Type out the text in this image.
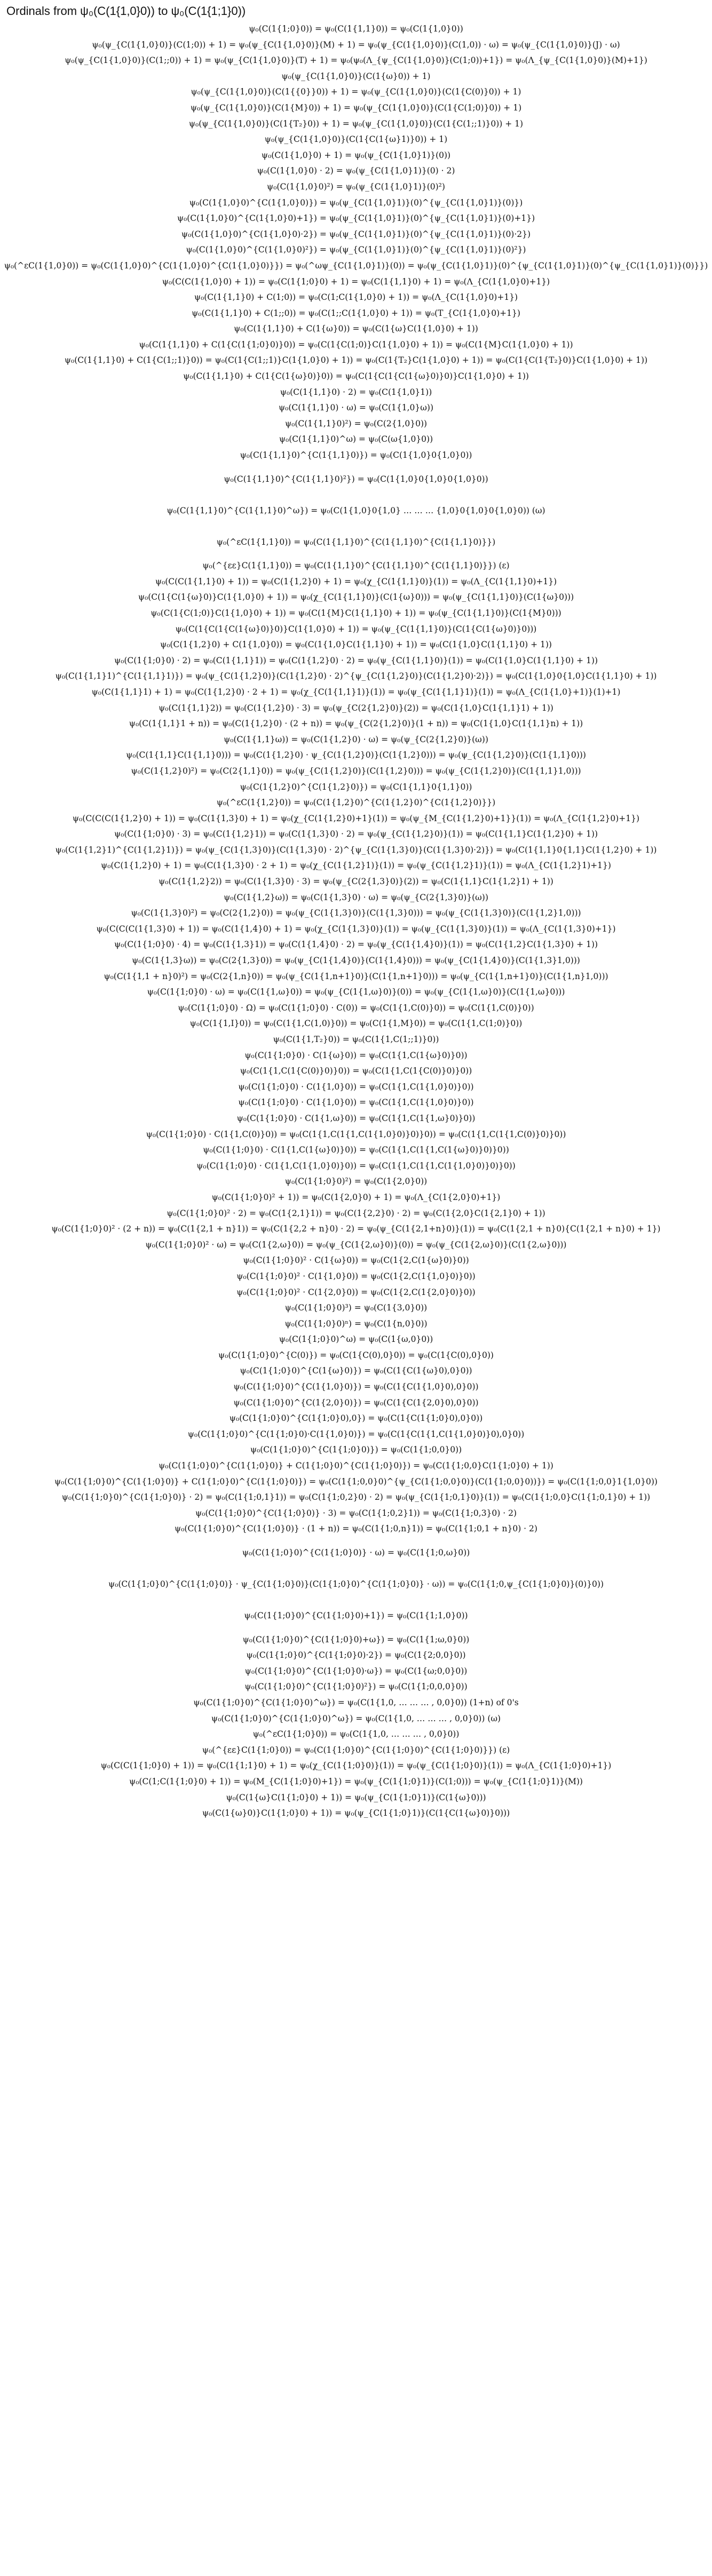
Ordinals from ψ₀(C(1{1,0}0)) to ψ₀(C(1{1;1}0))
ψ₀(C(1{1;0}0)) = ψ₀(C(1{1,1}0)) = ψ₀(C(1{1,0}0))
ψ₀(ψ_{C(1{1,0}0)}(C(1;0)) + 1) = ψ₀(ψ_{C(1{1,0}0)}(M) + 1) = ψ₀(ψ_{C(1{1,0}0)}(C(1,0)) · ω) = ψ₀(ψ_{C(1{1,0}0)}(J) · ω)
ψ₀(ψ_{C(1{1,0}0)}(C(1;;0)) + 1) = ψ₀(ψ_{C(1{1,0}0)}(T) + 1) = ψ₀(ψ₀(Λ_{ψ_{C(1{1,0}0)}(C(1;0))+1}) = ψ₀(Λ_{ψ_{C(1{1,0}0)}(M)+1})
ψ₀(ψ_{C(1{1,0}0)}(C(1{ω}0)) + 1)
ψ₀(ψ_{C(1{1,0}0)}(C(1{{0}}0)) + 1) = ψ₀(ψ_{C(1{1,0}0)}(C(1{C(0)}0)) + 1)
ψ₀(ψ_{C(1{1,0}0)}(C(1{M}0)) + 1) = ψ₀(ψ_{C(1{1,0}0)}(C(1{C(1;0)}0)) + 1)
ψ₀(ψ_{C(1{1,0}0)}(C(1{T₂}0)) + 1) = ψ₀(ψ_{C(1{1,0}0)}(C(1{C(1;;1)}0)) + 1)
ψ₀(ψ_{C(1{1,0}0)}(C(1{C(1{ω}1)}0)) + 1)
ψ₀(C(1{1,0}0) + 1) = ψ₀(ψ_{C(1{1,0}1)}(0))
ψ₀(C(1{1,0}0) · 2) = ψ₀(ψ_{C(1{1,0}1)}(0) · 2)
ψ₀(C(1{1,0}0)²) = ψ₀(ψ_{C(1{1,0}1)}(0)²)
ψ₀(C(1{1,0}0)^{C(1{1,0}0)}) = ψ₀(ψ_{C(1{1,0}1)}(0)^{ψ_{C(1{1,0}1)}(0)})
ψ₀(C(1{1,0}0)^{C(1{1,0}0)+1}) = ψ₀(ψ_{C(1{1,0}1)}(0)^{ψ_{C(1{1,0}1)}(0)+1})
ψ₀(C(1{1,0}0)^{C(1{1,0}0)·2}) = ψ₀(ψ_{C(1{1,0}1)}(0)^{ψ_{C(1{1,0}1)}(0)·2})
ψ₀(C(1{1,0}0)^{C(1{1,0}0)²}) = ψ₀(ψ_{C(1{1,0}1)}(0)^{ψ_{C(1{1,0}1)}(0)²})
ψ₀(^εC(1{1,0}0)) = ψ₀(C(1{1,0}0)^{C(1{1,0}0)^{C(1{1,0}0)}}) = ψ₀(^ωψ_{C(1{1,0}1)}(0)) = ψ₀(ψ_{C(1{1,0}1)}(0)^{ψ_{C(1{1,0}1)}(0)^{ψ_{C(1{1,0}1)}(0)}})
ψ₀(C(C(1{1,0}0) + 1)) = ψ₀(C(1{1;0}0) + 1) = ψ₀(C(1{1,1}0) + 1) = ψ₀(Λ_{C(1{1,0}0)+1})
ψ₀(C(1{1,1}0) + C(1;0)) = ψ₀(C(1;C(1{1,0}0) + 1)) = ψ₀(Λ_{C(1{1,0}0)+1})
ψ₀(C(1{1,1}0) + C(1;;0)) = ψ₀(C(1;;C(1{1,0}0) + 1)) = ψ₀(T_{C(1{1,0}0)+1})
ψ₀(C(1{1,1}0) + C(1{ω}0)) = ψ₀(C(1{ω}C(1{1,0}0) + 1))
ψ₀(C(1{1,1}0) + C(1{C(1{1;0}0)}0)) = ψ₀(C(1{C(1;0)}C(1{1,0}0) + 1)) = ψ₀(C(1{M}C(1{1,0}0) + 1))
ψ₀(C(1{1,1}0) + C(1{C(1;;1)}0)) = ψ₀(C(1{C(1;;1)}C(1{1,0}0) + 1)) = ψ₀(C(1{T₂}C(1{1,0}0) + 1)) = ψ₀(C(1{C(1{T₂}0)}C(1{1,0}0) + 1))
ψ₀(C(1{1,1}0) + C(1{C(1{ω}0)}0)) = ψ₀(C(1{C(1{C(1{ω}0)}0)}C(1{1,0}0) + 1))
ψ₀(C(1{1,1}0) · 2) = ψ₀(C(1{1,0}1))
ψ₀(C(1{1,1}0) · ω) = ψ₀(C(1{1,0}ω))
ψ₀(C(1{1,1}0)²) = ψ₀(C(2{1,0}0))
ψ₀(C(1{1,1}0)^ω) = ψ₀(C(ω{1,0}0))
ψ₀(C(1{1,1}0)^{C(1{1,1}0)}) = ψ₀(C(1{1,0}0{1,0}0))
ψ₀(C(1{1,1}0)^{C(1{1,1}0)²}) = ψ₀(C(1{1,0}0{1,0}0{1,0}0))
ψ₀(C(1{1,1}0)^{C(1{1,1}0)^ω}) = ψ₀(C(1{1,0}0{1,0} … … … {1,0}0{1,0}0{1,0}0)) (ω)
ψ₀(^εC(1{1,1}0)) = ψ₀(C(1{1,1}0)^{C(1{1,1}0)^{C(1{1,1}0)}})
ψ₀(^{εε}C(1{1,1}0)) = ψ₀(C(1{1,1}0)^{C(1{1,1}0)^{C(1{1,1}0)}}) (ε)
ψ₀(C(C(1{1,1}0) + 1)) = ψ₀(C(1{1,2}0) + 1) = ψ₀(χ_{C(1{1,1}0)}(1)) = ψ₀(Λ_{C(1{1,1}0)+1})
ψ₀(C(1{C(1{ω}0)}C(1{1,0}0) + 1)) = ψ₀(χ_{C(1{1,1}0)}(C(1{ω}0))) = ψ₀(ψ_{C(1{1,1}0)}(C(1{ω}0)))
ψ₀(C(1{C(1;0)}C(1{1,0}0) + 1)) = ψ₀(C(1{M}C(1{1,1}0) + 1)) = ψ₀(ψ_{C(1{1,1}0)}(C(1{M}0)))
ψ₀(C(1{C(1{C(1{ω}0)}0)}C(1{1,0}0) + 1)) = ψ₀(ψ_{C(1{1,1}0)}(C(1{C(1{ω}0)}0)))
ψ₀(C(1{1,2}0) + C(1{1,0}0)) = ψ₀(C(1{1,0}C(1{1,1}0) + 1)) = ψ₀(C(1{1,0}C(1{1,1}0) + 1))
ψ₀(C(1{1;0}0) · 2) = ψ₀(C(1{1,1}1)) = ψ₀(C(1{1,2}0) · 2) = ψ₀(ψ_{C(1{1,1}0)}(1)) = ψ₀(C(1{1,0}C(1{1,1}0) + 1))
ψ₀(C(1{1,1}1)^{C(1{1,1}1)}) = ψ₀(ψ_{C(1{1,2}0)}(C(1{1,2}0) · 2)^{ψ_{C(1{1,2}0)}(C(1{1,2}0)·2)}) = ψ₀(C(1{1,0}0{1,0}C(1{1,1}0) + 1))
ψ₀(C(1{1,1}1) + 1) = ψ₀(C(1{1,2}0) · 2 + 1) = ψ₀(χ_{C(1{1,1}1)}(1)) = ψ₀(ψ_{C(1{1,1}1)}(1)) = ψ₀(Λ_{C(1{1,0}+1)}(1)+1)
ψ₀(C(1{1,1}2)) = ψ₀(C(1{1,2}0) · 3) = ψ₀(ψ_{C(2{1,2}0)}(2)) = ψ₀(C(1{1,0}C(1{1,1}1) + 1))
ψ₀(C(1{1,1}1 + n)) = ψ₀(C(1{1,2}0) · (2 + n)) = ψ₀(ψ_{C(2{1,2}0)}(1 + n)) = ψ₀(C(1{1,0}C(1{1,1}n) + 1))
ψ₀(C(1{1,1}ω)) = ψ₀(C(1{1,2}0) · ω) = ψ₀(ψ_{C(2{1,2}0)}(ω))
ψ₀(C(1{1,1}C(1{1,1}0))) = ψ₀(C(1{1,2}0) · ψ_{C(1{1,2}0)}(C(1{1,2}0))) = ψ₀(ψ_{C(1{1,2}0)}(C(1{1,1}0)))
ψ₀(C(1{1,2}0)²) = ψ₀(C(2{1,1}0)) = ψ₀(ψ_{C(1{1,2}0)}(C(1{1,2}0))) = ψ₀(ψ_{C(1{1,2}0)}(C(1{1,1}1,0)))
ψ₀(C(1{1,2}0)^{C(1{1,2}0)}) = ψ₀(C(1{1,1}0{1,1}0))
ψ₀(^εC(1{1,2}0)) = ψ₀(C(1{1,2}0)^{C(1{1,2}0)^{C(1{1,2}0)}})
ψ₀(C(C(C(1{1,2}0) + 1)) = ψ₀(C(1{1,3}0) + 1) = ψ₀(χ_{C(1{1,2}0)+1}(1)) = ψ₀(ψ_{M_{C(1{1,2}0)+1}}(1)) = ψ₀(Λ_{C(1{1,2}0)+1})
ψ₀(C(1{1;0}0) · 3) = ψ₀(C(1{1,2}1)) = ψ₀(C(1{1,3}0) · 2) = ψ₀(ψ_{C(1{1,2}0)}(1)) = ψ₀(C(1{1,1}C(1{1,2}0) + 1))
ψ₀(C(1{1,2}1)^{C(1{1,2}1)}) = ψ₀(ψ_{C(1{1,3}0)}(C(1{1,3}0) · 2)^{ψ_{C(1{1,3}0)}(C(1{1,3}0)·2)}) = ψ₀(C(1{1,1}0{1,1}C(1{1,2}0) + 1))
ψ₀(C(1{1,2}0) + 1) = ψ₀(C(1{1,3}0) · 2 + 1) = ψ₀(χ_{C(1{1,2}1)}(1)) = ψ₀(ψ_{C(1{1,2}1)}(1)) = ψ₀(Λ_{C(1{1,2}1)+1})
ψ₀(C(1{1,2}2)) = ψ₀(C(1{1,3}0) · 3) = ψ₀(ψ_{C(2{1,3}0)}(2)) = ψ₀(C(1{1,1}C(1{1,2}1) + 1))
ψ₀(C(1{1,2}ω)) = ψ₀(C(1{1,3}0) · ω) = ψ₀(ψ_{C(2{1,3}0)}(ω))
ψ₀(C(1{1,3}0)²) = ψ₀(C(2{1,2}0)) = ψ₀(ψ_{C(1{1,3}0)}(C(1{1,3}0))) = ψ₀(ψ_{C(1{1,3}0)}(C(1{1,2}1,0)))
ψ₀(C(C(C(1{1,3}0) + 1)) = ψ₀(C(1{1,4}0) + 1) = ψ₀(χ_{C(1{1,3}0)}(1)) = ψ₀(ψ_{C(1{1,3}0)}(1)) = ψ₀(Λ_{C(1{1,3}0)+1})
ψ₀(C(1{1;0}0) · 4) = ψ₀(C(1{1,3}1)) = ψ₀(C(1{1,4}0) · 2) = ψ₀(ψ_{C(1{1,4}0)}(1)) = ψ₀(C(1{1,2}C(1{1,3}0) + 1))
ψ₀(C(1{1,3}ω)) = ψ₀(C(2{1,3}0)) = ψ₀(ψ_{C(1{1,4}0)}(C(1{1,4}0))) = ψ₀(ψ_{C(1{1,4}0)}(C(1{1,3}1,0)))
ψ₀(C(1{1,1 + n}0)²) = ψ₀(C(2{1,n}0)) = ψ₀(ψ_{C(1{1,n+1}0)}(C(1{1,n+1}0))) = ψ₀(ψ_{C(1{1,n+1}0)}(C(1{1,n}1,0)))
ψ₀(C(1{1;0}0) · ω) = ψ₀(C(1{1,ω}0)) = ψ₀(ψ_{C(1{1,ω}0)}(0)) = ψ₀(ψ_{C(1{1,ω}0)}(C(1{1,ω}0)))
ψ₀(C(1{1;0}0) · Ω) = ψ₀(C(1{1;0}0) · C(0)) = ψ₀(C(1{1,C(0)}0)) = ψ₀(C(1{1,C(0)}0))
ψ₀(C(1{1,I}0)) = ψ₀(C(1{1,C(1,0)}0)) = ψ₀(C(1{1,M}0)) = ψ₀(C(1{1,C(1;0)}0))
ψ₀(C(1{1,T₂}0)) = ψ₀(C(1{1,C(1;;1)}0))
ψ₀(C(1{1;0}0) · C(1{ω}0)) = ψ₀(C(1{1,C(1{ω}0)}0))
ψ₀(C(1{1,C(1{C(0)}0)}0)) = ψ₀(C(1{1,C(1{C(0)}0)}0))
ψ₀(C(1{1;0}0) · C(1{1,0}0)) = ψ₀(C(1{1,C(1{1,0}0)}0))
ψ₀(C(1{1;0}0) · C(1{1,0}0)) = ψ₀(C(1{1,C(1{1,0}0)}0))
ψ₀(C(1{1;0}0) · C(1{1,ω}0)) = ψ₀(C(1{1,C(1{1,ω}0)}0))
ψ₀(C(1{1;0}0) · C(1{1,C(0)}0)) = ψ₀(C(1{1,C(1{1,C(1{1,0}0)}0)}0)) = ψ₀(C(1{1,C(1{1,C(0)}0)}0))
ψ₀(C(1{1;0}0) · C(1{1,C(1{ω}0)}0)) = ψ₀(C(1{1,C(1{1,C(1{ω}0)}0)}0))
ψ₀(C(1{1;0}0) · C(1{1,C(1{1,0}0)}0)) = ψ₀(C(1{1,C(1{1,C(1{1,0}0)}0)}0))
ψ₀(C(1{1;0}0)²) = ψ₀(C(1{2,0}0))
ψ₀(C(1{1;0}0)² + 1)) = ψ₀(C(1{2,0}0) + 1) = ψ₀(Λ_{C(1{2,0}0)+1})
ψ₀(C(1{1;0}0)² · 2) = ψ₀(C(1{2,1}1)) = ψ₀(C(1{2,2}0) · 2) = ψ₀(C(1{2,0}C(1{2,1}0) + 1))
ψ₀(C(1{1;0}0)² · (2 + n)) = ψ₀(C(1{2,1 + n}1)) = ψ₀(C(1{2,2 + n}0) · 2) = ψ₀(ψ_{C(1{2,1+n}0)}(1)) = ψ₀(C(1{2,1 + n}0){C(1{2,1 + n}0) + 1})
ψ₀(C(1{1;0}0)² · ω) = ψ₀(C(1{2,ω}0)) = ψ₀(ψ_{C(1{2,ω}0)}(0)) = ψ₀(ψ_{C(1{2,ω}0)}(C(1{2,ω}0)))
ψ₀(C(1{1;0}0)² · C(1{ω}0)) = ψ₀(C(1{2,C(1{ω}0)}0))
ψ₀(C(1{1;0}0)² · C(1{1,0}0)) = ψ₀(C(1{2,C(1{1,0}0)}0))
ψ₀(C(1{1;0}0)² · C(1{2,0}0)) = ψ₀(C(1{2,C(1{2,0}0)}0))
ψ₀(C(1{1;0}0)³) = ψ₀(C(1{3,0}0))
ψ₀(C(1{1;0}0)ⁿ) = ψ₀(C(1{n,0}0))
ψ₀(C(1{1;0}0)^ω) = ψ₀(C(1{ω,0}0))
ψ₀(C(1{1;0}0)^{C(0)}) = ψ₀(C(1{C(0),0}0)) = ψ₀(C(1{C(0),0}0))
ψ₀(C(1{1;0}0)^{C(1{ω}0)}) = ψ₀(C(1{C(1{ω}0),0}0))
ψ₀(C(1{1;0}0)^{C(1{1,0}0)}) = ψ₀(C(1{C(1{1,0}0),0}0))
ψ₀(C(1{1;0}0)^{C(1{2,0}0)}) = ψ₀(C(1{C(1{2,0}0),0}0))
ψ₀(C(1{1;0}0)^{C(1{1;0}0),0}) = ψ₀(C(1{C(1{1;0}0),0}0))
ψ₀(C(1{1;0}0)^{C(1{1;0}0)·C(1{1,0}0)}) = ψ₀(C(1{C(1{1,C(1{1,0}0)}0),0}0))
ψ₀(C(1{1;0}0)^{C(1{1;0}0)}) = ψ₀(C(1{1;0,0}0))
ψ₀(C(1{1;0}0)^{C(1{1;0}0)} + C(1{1;0}0)^{C(1{1;0}0)}) = ψ₀(C(1{1;0,0}C(1{1;0}0) + 1))
ψ₀(C(1{1;0}0)^{C(1{1;0}0)} + C(1{1;0}0)^{C(1{1;0}0)}) = ψ₀(C(1{1;0,0}0)^{ψ_{C(1{1;0,0}0)}(C(1{1;0,0}0))}) = ψ₀(C(1{1;0,0}1{1,0}0))
ψ₀(C(1{1;0}0)^{C(1{1;0}0)} · 2) = ψ₀(C(1{1;0,1}1)) = ψ₀(C(1{1;0,2}0) · 2) = ψ₀(ψ_{C(1{1;0,1}0)}(1)) = ψ₀(C(1{1;0,0}C(1{1;0,1}0) + 1))
ψ₀(C(1{1;0}0)^{C(1{1;0}0)} · 3) = ψ₀(C(1{1;0,2}1)) = ψ₀(C(1{1;0,3}0) · 2)
ψ₀(C(1{1;0}0)^{C(1{1;0}0)} · (1 + n)) = ψ₀(C(1{1;0,n}1)) = ψ₀(C(1{1;0,1 + n}0) · 2)
ψ₀(C(1{1;0}0)^{C(1{1;0}0)} · ω) = ψ₀(C(1{1;0,ω}0))
ψ₀(C(1{1;0}0)^{C(1{1;0}0)} · ψ_{C(1{1;0}0)}(C(1{1;0}0)^{C(1{1;0}0)} · ω)) = ψ₀(C(1{1;0,ψ_{C(1{1;0}0)}(0)}0))
ψ₀(C(1{1;0}0)^{C(1{1;0}0)+1}) = ψ₀(C(1{1;1,0}0))
ψ₀(C(1{1;0}0)^{C(1{1;0}0)+ω}) = ψ₀(C(1{1;ω,0}0))
ψ₀(C(1{1;0}0)^{C(1{1;0}0)·2}) = ψ₀(C(1{2;0,0}0))
ψ₀(C(1{1;0}0)^{C(1{1;0}0)·ω}) = ψ₀(C(1{ω;0,0}0))
ψ₀(C(1{1;0}0)^{C(1{1;0}0)²}) = ψ₀(C(1{1;0,0,0}0))
ψ₀(C(1{1;0}0)^{C(1{1;0}0)^ω}) = ψ₀(C(1{1,0, … … … , 0,0}0)) (1+n) of 0's
ψ₀(C(1{1;0}0)^{C(1{1;0}0)^ω}) = ψ₀(C(1{1,0, … … … , 0,0}0)) (ω)
ψ₀(^εC(1{1;0}0)) = ψ₀(C(1{1,0, … … … , 0,0}0))
ψ₀(^{εε}C(1{1;0}0)) = ψ₀(C(1{1;0}0)^{C(1{1;0}0)^{C(1{1;0}0)}}) (ε)
ψ₀(C(C(1{1;0}0) + 1)) = ψ₀(C(1{1;1}0) + 1) = ψ₀(χ_{C(1{1;0}0)}(1)) = ψ₀(ψ_{C(1{1;0}0)}(1)) = ψ₀(Λ_{C(1{1;0}0)+1})
ψ₀(C(1;C(1{1;0}0) + 1)) = ψ₀(M_{C(1{1;0}0)+1}) = ψ₀(ψ_{C(1{1;0}1)}(C(1;0))) = ψ₀(ψ_{C(1{1;0}1)}(M))
ψ₀(C(1{ω}C(1{1;0}0) + 1)) = ψ₀(ψ_{C(1{1;0}1)}(C(1{ω}0)))
ψ₀(C(1{ω}0)}C(1{1;0}0) + 1)) = ψ₀(ψ_{C(1{1;0}1)}(C(1{C(1{ω}0)}0)))
